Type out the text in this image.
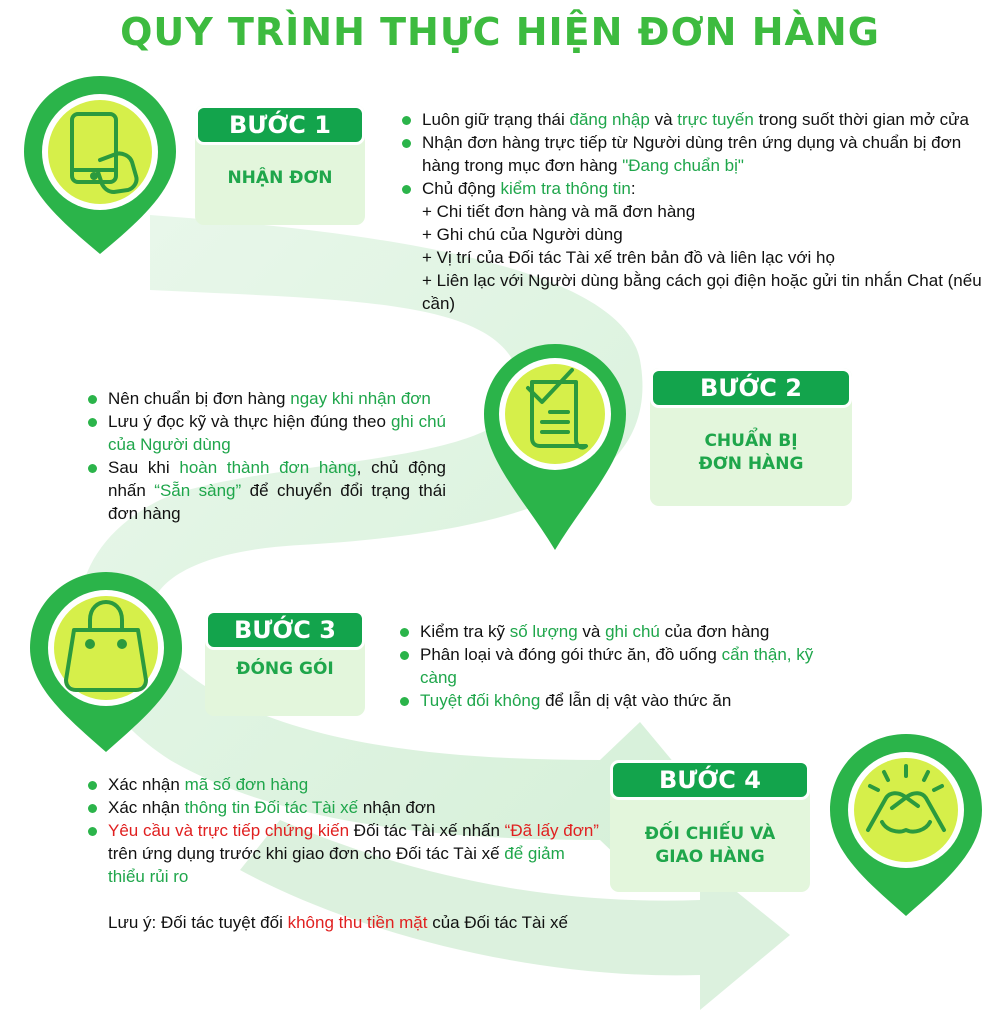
QUY TRÌNH THỰC HIỆN ĐƠN HÀNG
BƯỚC 1
NHẬN ĐƠN
Luôn giữ trạng thái đăng nhập và trực tuyến trong suốt thời gian mở cửa
Nhận đơn hàng trực tiếp từ Người dùng trên ứng dụng và chuẩn bị đơn hàng trong mục đơn hàng "Đang chuẩn bị"
Chủ động kiểm tra thông tin:
+ Chi tiết đơn hàng và mã đơn hàng
+ Ghi chú của Người dùng
+ Vị trí của Đối tác Tài xế trên bản đồ và liên lạc với họ
+ Liên lạc với Người dùng bằng cách gọi điện hoặc gửi tin nhắn Chat (nếu cần)
BƯỚC 2
CHUẨN BỊ
ĐƠN HÀNG
Nên chuẩn bị đơn hàng ngay khi nhận đơn
Lưu ý đọc kỹ và thực hiện đúng theo ghi chú của Người dùng
Sau khi hoàn thành đơn hàng, chủ động nhấn “Sẵn sàng” để chuyển đổi trạng thái đơn hàng
BƯỚC 3
ĐÓNG GÓI
Kiểm tra kỹ số lượng và ghi chú của đơn hàng
Phân loại và đóng gói thức ăn, đồ uống cẩn thận, kỹ càng
Tuyệt đối không để lẫn dị vật vào thức ăn
BƯỚC 4
ĐỐI CHIẾU VÀ
GIAO HÀNG
Xác nhận mã số đơn hàng
Xác nhận thông tin Đối tác Tài xế nhận đơn
Yêu cầu và trực tiếp chứng kiến Đối tác Tài xế nhấn “Đã lấy đơn” trên ứng dụng trước khi giao đơn cho Đối tác Tài xế để giảm thiểu rủi ro
Lưu ý: Đối tác tuyệt đối không thu tiền mặt của Đối tác Tài xế
